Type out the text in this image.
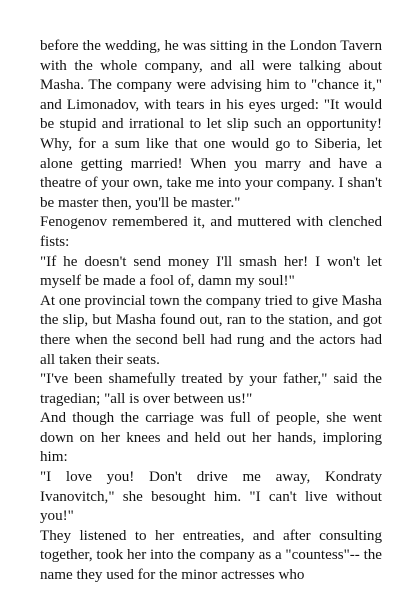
before the wedding, he was sitting in the London Tavern with the whole company, and all were talking about Masha. The company were advising him to "chance it," and Limonadov, with tears in his eyes urged: "It would be stupid and irrational to let slip such an opportunity! Why, for a sum like that one would go to Siberia, let alone getting married! When you marry and have a theatre of your own, take me into your company. I shan't be master then, you'll be master."

Fenogenov remembered it, and muttered with clenched fists:

"If he doesn't send money I'll smash her! I won't let myself be made a fool of, damn my soul!"

At one provincial town the company tried to give Masha the slip, but Masha found out, ran to the station, and got there when the second bell had rung and the actors had all taken their seats.

"I've been shamefully treated by your father," said the tragedian; "all is over between us!"

And though the carriage was full of people, she went down on her knees and held out her hands, imploring him:

"I love you! Don't drive me away, Kondraty Ivanovitch," she besought him. "I can't live without you!"

They listened to her entreaties, and after consulting together, took her into the company as a "countess"-- the name they used for the minor actresses who
